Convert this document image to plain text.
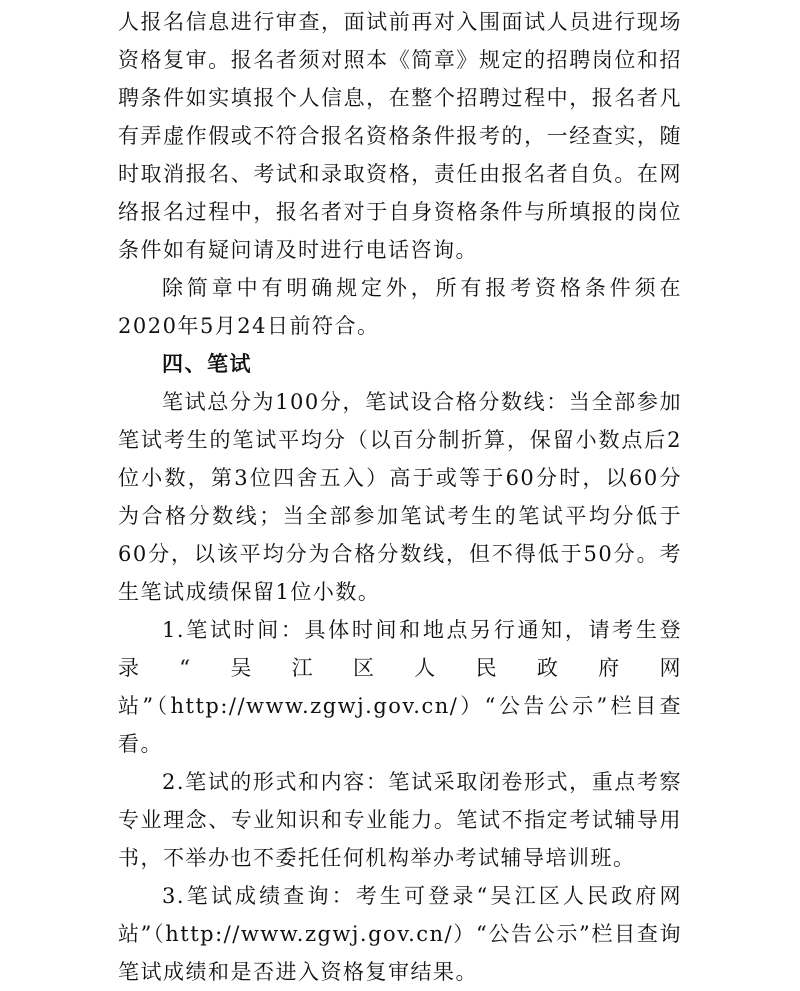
人报名信息进行审查，面试前再对入围面试人员进行现场资格复审。报名者须对照本《简章》规定的招聘岗位和招聘条件如实填报个人信息，在整个招聘过程中，报名者凡有弄虚作假或不符合报名资格条件报考的，一经查实，随时取消报名、考试和录取资格，责任由报名者自负。在网络报名过程中，报名者对于自身资格条件与所填报的岗位条件如有疑问请及时进行电话咨询。

除简章中有明确规定外，所有报考资格条件须在2020年5月24日前符合。

四、笔试

笔试总分为100分，笔试设合格分数线：当全部参加笔试考生的笔试平均分（以百分制折算，保留小数点后2位小数，第3位四舍五入）高于或等于60分时，以60分为合格分数线；当全部参加笔试考生的笔试平均分低于60分，以该平均分为合格分数线，但不得低于50分。考生笔试成绩保留1位小数。

1.笔试时间：具体时间和地点另行通知，请考生登录“吴江区人民政府网站”（http://www.zgwj.gov.cn/）“公告公示”栏目查看。

2.笔试的形式和内容：笔试采取闭卷形式，重点考察专业理念、专业知识和专业能力。笔试不指定考试辅导用书，不举办也不委托任何机构举办考试辅导培训班。

3.笔试成绩查询：考生可登录“吴江区人民政府网站”（http://www.zgwj.gov.cn/）“公告公示”栏目查询笔试成绩和是否进入资格复审结果。
